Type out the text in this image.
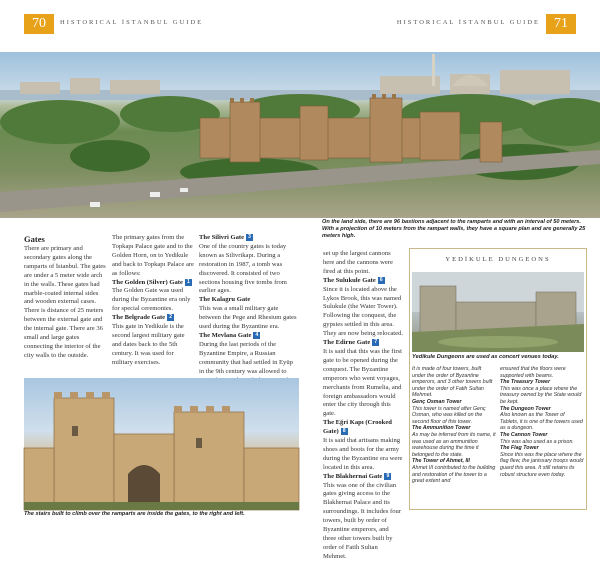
70	HISTORICAL İSTANBUL GUIDE	HISTORICAL İSTANBUL GUIDE	71
On the land side, there are 96 bastions adjacent to the ramparts and with an interval of 50 meters. With a projection of 10 meters from the rampart walls, they have a square plan and are generally 25 meters high.
Gates

There are primary and secondary gates along the ramparts of İstanbul. The gates are under a 5 meter wide arch in the walls. These gates had marble-coated internal sides and wooden external cases. There is distance of 25 meters between the external gate and the internal gate. There are 36 small and large gates connecting the interior of the city walls to the outside.

The primary gates from the Topkapı Palace gate and to the Golden Horn, on to Yedikule and back to Topkapı Palace are as follows:

The Golden (Silver) Gate 1

The Golden Gate was used during the Byzantine era only for special ceremonies.

The Belgrade Gate 2

This gate in Yedikule is the second largest military gate and dates back to the 5th century. It was used for military exercises.

The Silivri Gate 3

One of the country gates is today known as Silivrikapı. During a restoration in 1987, a tomb was discovered. It consisted of two sections housing five tombs from earlier ages.

The Kalagru Gate

This was a small military gate between the Pege and Rhesium gates used during the Byzantine era.

The Mevlana Gate 4

During the last periods of the Byzantine Empire, a Russian community that had settled in Eyüp in the 9th century was allowed to

set up the largest cannons here and the cannons were fired at this point.

The Sulukule Gate 6

Since it is located above the Lykos Brook, this was named Sulukule (the Water Tower). Following the conquest, the gypsies settled in this area. They are now being relocated.

The Edirne Gate 7

It is said that this was the first gate to be opened during the conquest. The Byzantine emperors who went voyages, merchants from Rumelia, and foreign ambassadors would enter the city through this gate.

The Eğri Kapı (Crooked Gate) 8

It is said that artisans making shoes and boots for the army during the Byzantine era were located in this area.

The Blakhernai Gate 9

This was one of the civilian gates giving access to the Blakhernai Palace and its surroundings. It includes four towers, built by order of Byzantine emperors, and three other towers built by order of Fatih Sultan Mehmet.

The stairs built to climb over the ramparts are inside the gates, to the right and left.
YEDİKULE DUNGEONS
Yedikule Dungeons are used as concert venues today.

It is made of four towers, built under the order of Byzantine emperors, and 3 other towers built under the order of Fatih Sultan Mehmet.

Genç Osman Tower

This tower is named after Genç Osman, who was killed on the second floor of this tower.

The Ammunition Tower

As may be inferred from its name, it was used as an ammunition warehouse during the time it belonged to the state.

The Tower of Ahmet, III

Ahmet III contributed to the building and restoration of the tower to a great extent and

ensured that the floors were supported with beams.

The Treasury Tower

This was once a place where the treasury owned by the State would be kept.

The Dungeon Tower

Also known as the Tower of Tablets, it is one of the towers used as a dungeon.

The Cannon Tower

This was also used as a prison.

The Flag Tower

Since this was the place where the flag flew, the janissary troops would guard this area. It still retains its robust structure even today.
